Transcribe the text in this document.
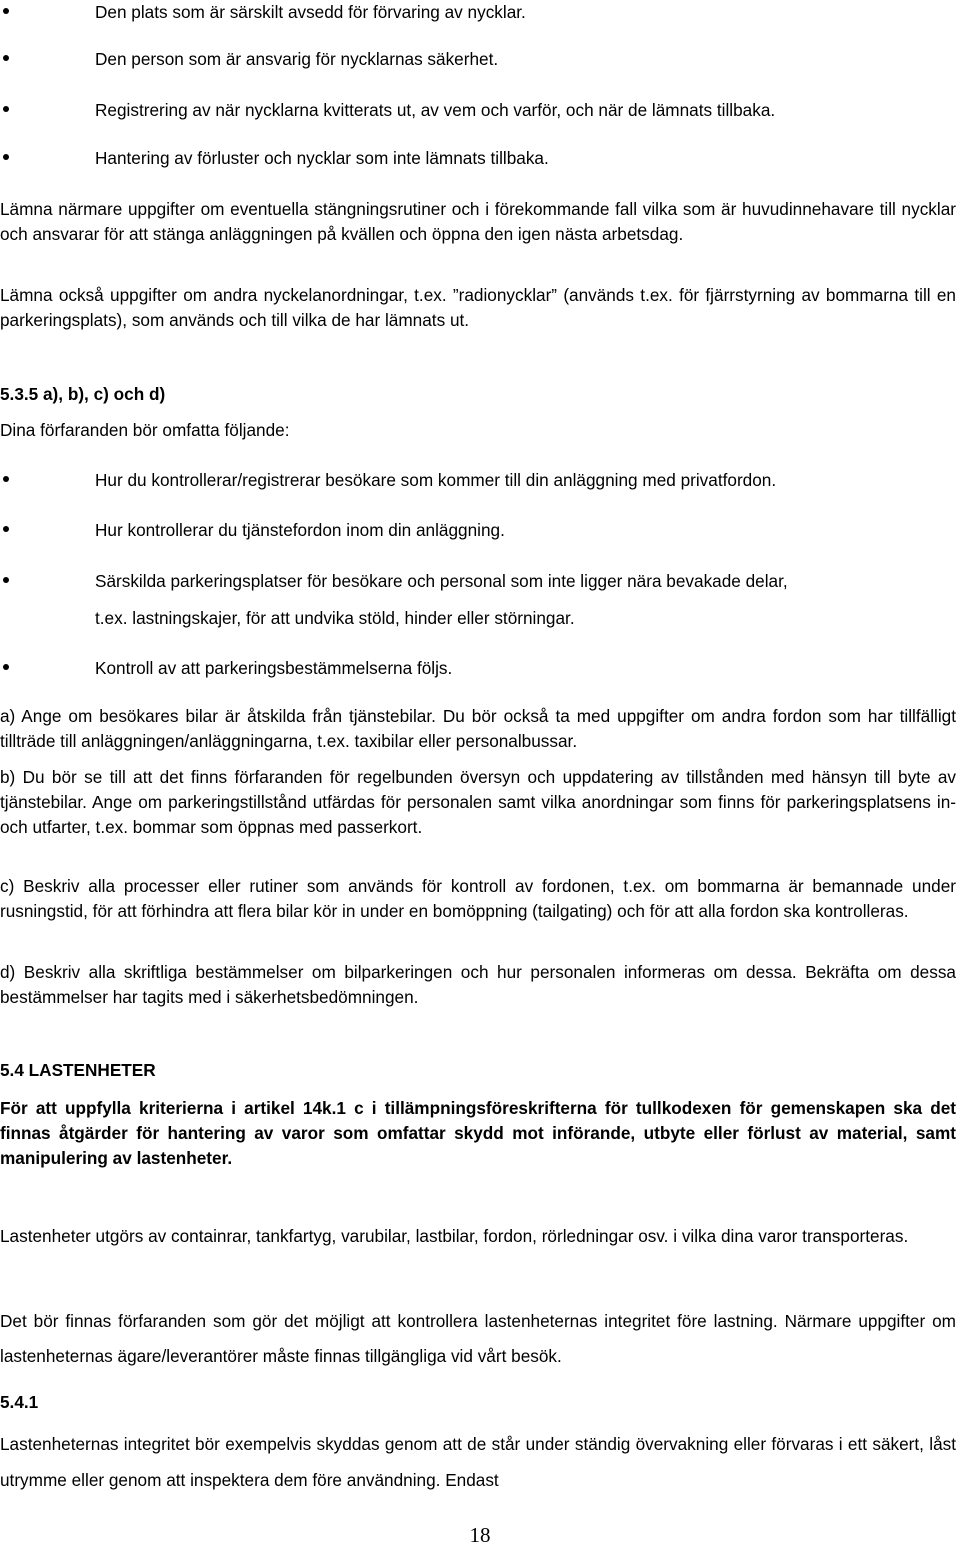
Den plats som är särskilt avsedd för förvaring av nycklar.
Den person som är ansvarig för nycklarnas säkerhet.
Registrering av när nycklarna kvitterats ut, av vem och varför, och när de lämnats tillbaka.
Hantering av förluster och nycklar som inte lämnats tillbaka.

Lämna närmare uppgifter om eventuella stängningsrutiner och i förekommande fall vilka som är huvudinnehavare till nycklar och ansvarar för att stänga anläggningen på kvällen och öppna den igen nästa arbetsdag.

Lämna också uppgifter om andra nyckelanordningar, t.ex. ”radionycklar” (används t.ex. för fjärrstyrning av bommarna till en parkeringsplats), som används och till vilka de har lämnats ut.

5.3.5 a), b), c) och d)

Dina förfaranden bör omfatta följande:

Hur du kontrollerar/registrerar besökare som kommer till din anläggning med privatfordon.
Hur kontrollerar du tjänstefordon inom din anläggning.
Särskilda parkeringsplatser för besökare och personal som inte ligger nära bevakade delar,
t.ex. lastningskajer, för att undvika stöld, hinder eller störningar.
Kontroll av att parkeringsbestämmelserna följs.

a) Ange om besökares bilar är åtskilda från tjänstebilar. Du bör också ta med uppgifter om andra fordon som har tillfälligt tillträde till anläggningen/anläggningarna, t.ex. taxibilar eller personalbussar.

b) Du bör se till att det finns förfaranden för regelbunden översyn och uppdatering av tillstånden med hänsyn till byte av tjänstebilar. Ange om parkeringstillstånd utfärdas för personalen samt vilka anordningar som finns för parkeringsplatsens in- och utfarter, t.ex. bommar som öppnas med passerkort.

c) Beskriv alla processer eller rutiner som används för kontroll av fordonen, t.ex. om bommarna är bemannade under rusningstid, för att förhindra att flera bilar kör in under en bomöppning (tailgating) och för att alla fordon ska kontrolleras.

d) Beskriv alla skriftliga bestämmelser om bilparkeringen och hur personalen informeras om dessa. Bekräfta om dessa bestämmelser har tagits med i säkerhetsbedömningen.

5.4 LASTENHETER

För att uppfylla kriterierna i artikel 14k.1 c i tillämpningsföreskrifterna för tullkodexen för gemenskapen ska det finnas åtgärder för hantering av varor som omfattar skydd mot införande, utbyte eller förlust av material, samt manipulering av lastenheter.

Lastenheter utgörs av containrar, tankfartyg, varubilar, lastbilar, fordon, rörledningar osv. i vilka dina varor transporteras.

Det bör finnas förfaranden som gör det möjligt att kontrollera lastenheternas integritet före lastning. Närmare uppgifter om lastenheternas ägare/leverantörer måste finnas tillgängliga vid vårt besök.

5.4.1

Lastenheternas integritet bör exempelvis skyddas genom att de står under ständig övervakning eller förvaras i ett säkert, låst utrymme eller genom att inspektera dem före användning. Endast

18
